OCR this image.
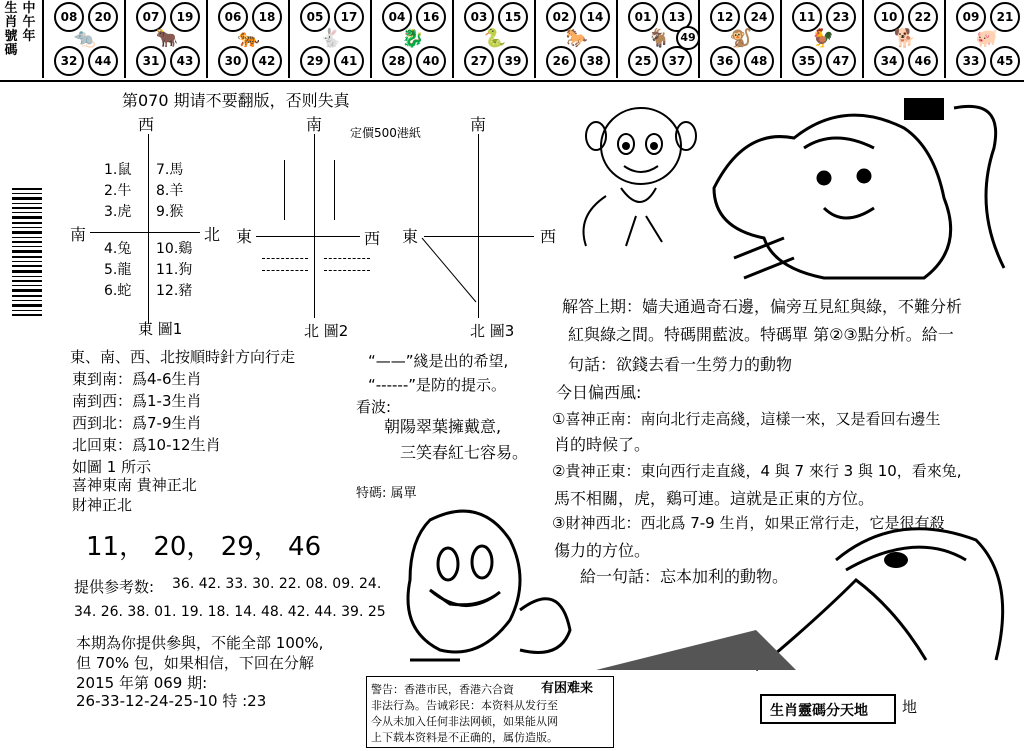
生肖號碼
中午年
08	20
32	44
🐀
07	19
31	43
🐂
06	18
30	42
🐅
05	17
29	41
🐇
04	16
28	40
🐉
03	15
27	39
🐍
02	14
26	38
🐎
01	13
25	37
🐐 49
12	24
36	48
🐒
11	23
35	47
🐓
10	22
34	46
🐕
09	21
33	45
🐖
第070 期请不要翻版，否则失真
定價500港紙
西
南	北
1.鼠
2.牛
3.虎
4.兔
5.龍
6.蛇
7.馬
8.羊
9.猴
10.鷄
11.狗
12.豬
東 圖1
南
東	西
北 圖2
南
東	西
北 圖3
東、南、西、北按順時針方向行走
東到南：爲4-6生肖
南到西：爲1-3生肖
西到北：爲7-9生肖
北回東：爲10-12生肖
如圖 1 所示
喜神東南 貴神正北
財神正北
“——”綫是出的希望,
“------”是防的提示。
看波:
朝陽翠葉擁戴意,
三笑春紅七容易。
特碼: 属單
11， 20， 29， 46
提供参考数: 36. 42. 33. 30. 22. 08. 09. 24.
34. 26. 38. 01. 19. 18. 14. 48. 42. 44. 39. 25
本期為你提供參與，不能全部 100%,
但 70% 包，如果相信，下回在分解
2015 年第 069 期:
26-33-12-24-25-10 特 :23
解答上期：嫱夫通過奇石邊，偏旁互見紅與綠，不難分析
紅與綠之間。特碼開藍波。特碼單 第②③點分析。給一
句話：欲錢去看一生勞力的動物
今日偏西風:
①喜神正南：南向北行走高綫，這樣一來，又是看回右邊生
肖的時候了。
②貴神正東：東向西行走直綫，4 與 7 來行 3 與 10，看來兔,
馬不相關，虎，鷄可連。這就是正東的方位。
③財神西北：西北爲 7-9 生肖，如果正常行走，它是很有殺
傷力的方位。
給一句話：忘本加利的動物。
警告：香港市民，香港六合資 有困难来
非法行為。告诫彩民：本资料从发行至
今从未加入任何非法网顿，如果能从网
上下载本资料是不正确的，属仿造版。
生肖靈碼分天地 地
